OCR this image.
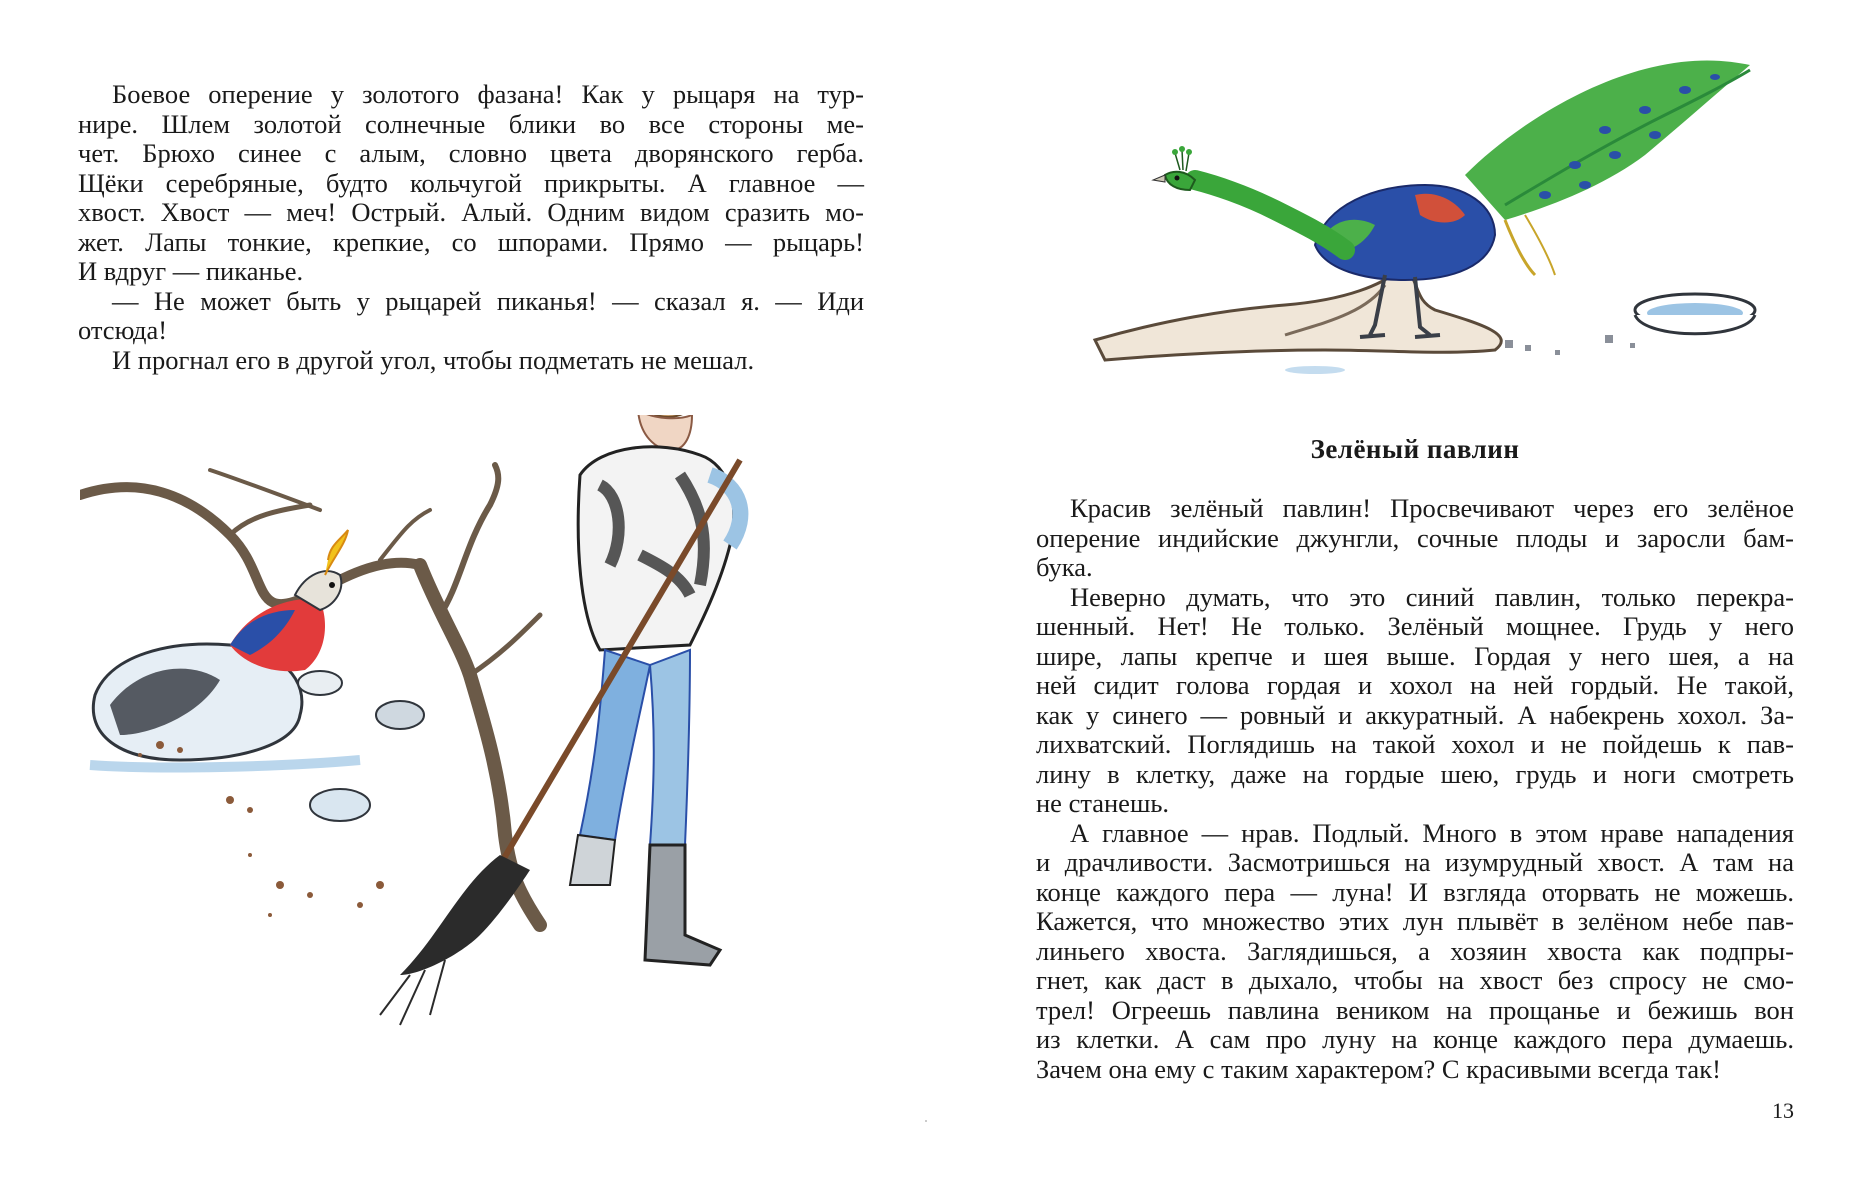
Боевое оперение у золотого фазана! Как у рыцаря на тур-
нире. Шлем золотой солнечные блики во все стороны ме-
чет. Брюхо синее с алым, словно цвета дворянского герба.
Щёки серебряные, будто кольчугой прикрыты. А главное —
хвост. Хвост — меч! Острый. Алый. Одним видом сразить мо-
жет. Лапы тонкие, крепкие, со шпорами. Прямо — рыцарь!
И вдруг — пиканье.
— Не может быть у рыцарей пиканья! — сказал я. — Иди
отсюда!
И прогнал его в другой угол, чтобы подметать не мешал.
Зелёный павлин
Красив зелёный павлин! Просвечивают через его зелёное
оперение индийские джунгли, сочные плоды и заросли бам-
бука.
Неверно думать, что это синий павлин, только перекра-
шенный. Нет! Не только. Зелёный мощнее. Грудь у него
шире, лапы крепче и шея выше. Гордая у него шея, а на
ней сидит голова гордая и хохол на ней гордый. Не такой,
как у синего — ровный и аккуратный. А набекрень хохол. За-
лихватский. Поглядишь на такой хохол и не пойдешь к пав-
лину в клетку, даже на гордые шею, грудь и ноги смотреть
не станешь.
А главное — нрав. Подлый. Много в этом нраве нападения
и драчливости. Засмотришься на изумрудный хвост. А там на
конце каждого пера — луна! И взгляда оторвать не можешь.
Кажется, что множество этих лун плывёт в зелёном небе пав-
линьего хвоста. Заглядишься, а хозяин хвоста как подпры-
гнет, как даст в дыхало, чтобы на хвост без спросу не смо-
трел! Огреешь павлина веником на прощанье и бежишь вон
из клетки. А сам про луну на конце каждого пера думаешь.
Зачем она ему с таким характером? С красивыми всегда так!
13
